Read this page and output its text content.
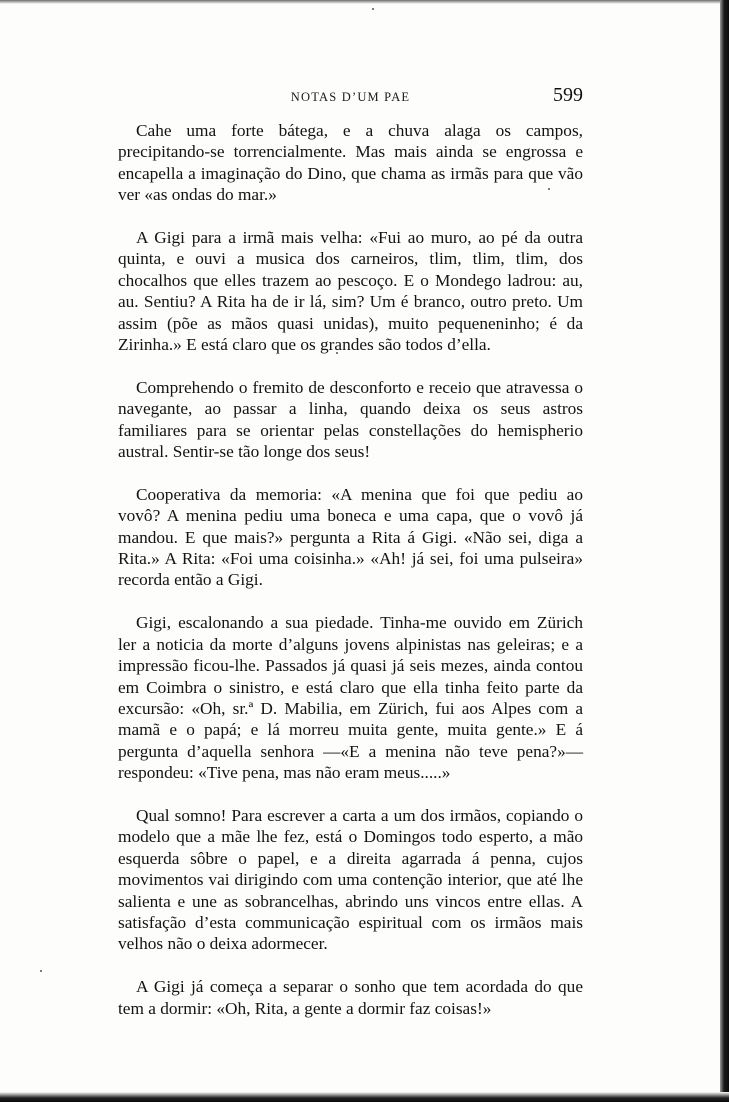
NOTAS D’UM PAE	599

Cahe uma forte bátega, e a chuva alaga os campos, precipitando-se torrencialmente. Mas mais ainda se engrossa e encapella a imaginação do Dino, que chama as irmãs para que vão ver «as ondas do mar.»

A Gigi para a irmã mais velha: «Fui ao muro, ao pé da outra quinta, e ouvi a musica dos carneiros, tlim, tlim, tlim, dos chocalhos que elles trazem ao pescoço. E o Mondego ladrou: au, au. Sentiu? A Rita ha de ir lá, sim? Um é branco, outro preto. Um assim (põe as mãos quasi unidas), muito pequeneninho; é da Zirinha.» E está claro que os grandes são todos d’ella.

Comprehendo o fremito de desconforto e receio que atravessa o navegante, ao passar a linha, quando deixa os seus astros familiares para se orientar pelas constellações do hemispherio austral. Sentir-se tão longe dos seus!

Cooperativa da memoria: «A menina que foi que pediu ao vovô? A menina pediu uma boneca e uma capa, que o vovô já mandou. E que mais?» pergunta a Rita á Gigi. «Não sei, diga a Rita.» A Rita: «Foi uma coisinha.» «Ah! já sei, foi uma pulseira» recorda então a Gigi.

Gigi, escalonando a sua piedade. Tinha-me ouvido em Zürich ler a noticia da morte d’alguns jovens alpinistas nas geleiras; e a impressão ficou-lhe. Passados já quasi já seis mezes, ainda contou em Coimbra o sinistro, e está claro que ella tinha feito parte da excursão: «Oh, sr.ª D. Mabilia, em Zürich, fui aos Alpes com a mamã e o papá; e lá morreu muita gente, muita gente.» E á pergunta d’aquella senhora —«E a menina não teve pena?»—respondeu: «Tive pena, mas não eram meus.....»

Qual somno! Para escrever a carta a um dos irmãos, copiando o modelo que a mãe lhe fez, está o Domingos todo esperto, a mão esquerda sôbre o papel, e a direita agarrada á penna, cujos movimentos vai dirigindo com uma contenção interior, que até lhe salienta e une as sobrancelhas, abrindo uns vincos entre ellas. A satisfação d’esta communicação espiritual com os irmãos mais velhos não o deixa adormecer.

A Gigi já começa a separar o sonho que tem acordada do que tem a dormir: «Oh, Rita, a gente a dormir faz coisas!»
